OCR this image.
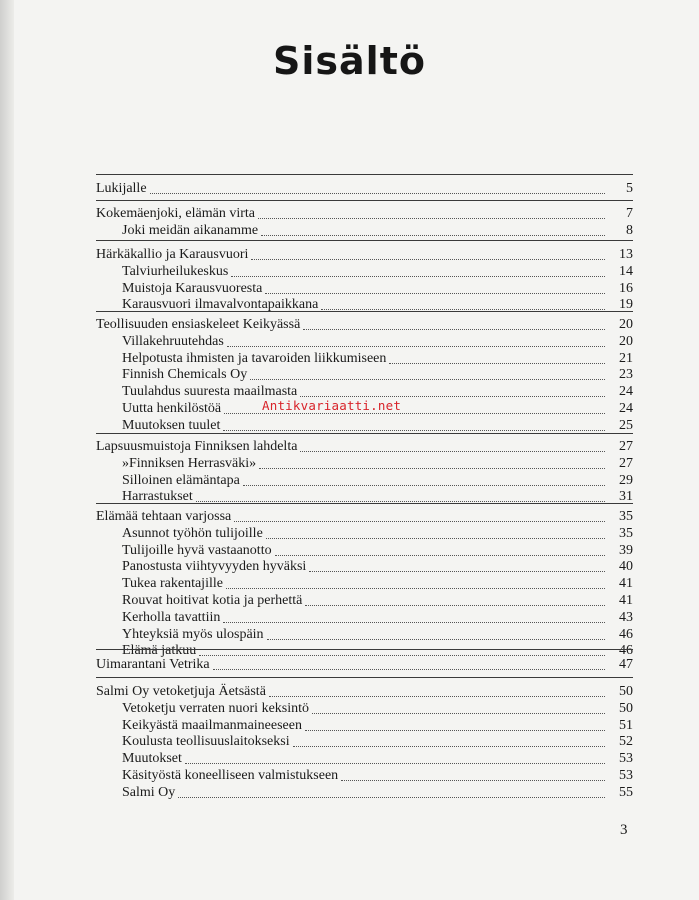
Sisältö
Antikvariaatti.net
3
Lukijalle	5
Kokemäenjoki, elämän virta	7
Joki meidän aikanamme	8
Härkäkallio ja Karausvuori	13
Talviurheilukeskus	14
Muistoja Karausvuoresta	16
Karausvuori ilmavalvontapaikkana	19
Teollisuuden ensiaskeleet Keikyässä	20
Villakehruutehdas	20
Helpotusta ihmisten ja tavaroiden liikkumiseen	21
Finnish Chemicals Oy	23
Tuulahdus suuresta maailmasta	24
Uutta henkilöstöä	24
Muutoksen tuulet	25
Lapsuusmuistoja Finniksen lahdelta	27
»Finniksen Herrasväki»	27
Silloinen elämäntapa	29
Harrastukset	31
Elämää tehtaan varjossa	35
Asunnot työhön tulijoille	35
Tulijoille hyvä vastaanotto	39
Panostusta viihtyvyyden hyväksi	40
Tukea rakentajille	41
Rouvat hoitivat kotia ja perhettä	41
Kerholla tavattiin	43
Yhteyksiä myös ulospäin	46
Elämä jatkuu	46
Uimarantani Vetrika	47
Salmi Oy vetoketjuja Äetsästä	50
Vetoketju verraten nuori keksintö	50
Keikyästä maailmanmaineeseen	51
Koulusta teollisuuslaitokseksi	52
Muutokset	53
Käsityöstä koneelliseen valmistukseen	53
Salmi Oy	55
